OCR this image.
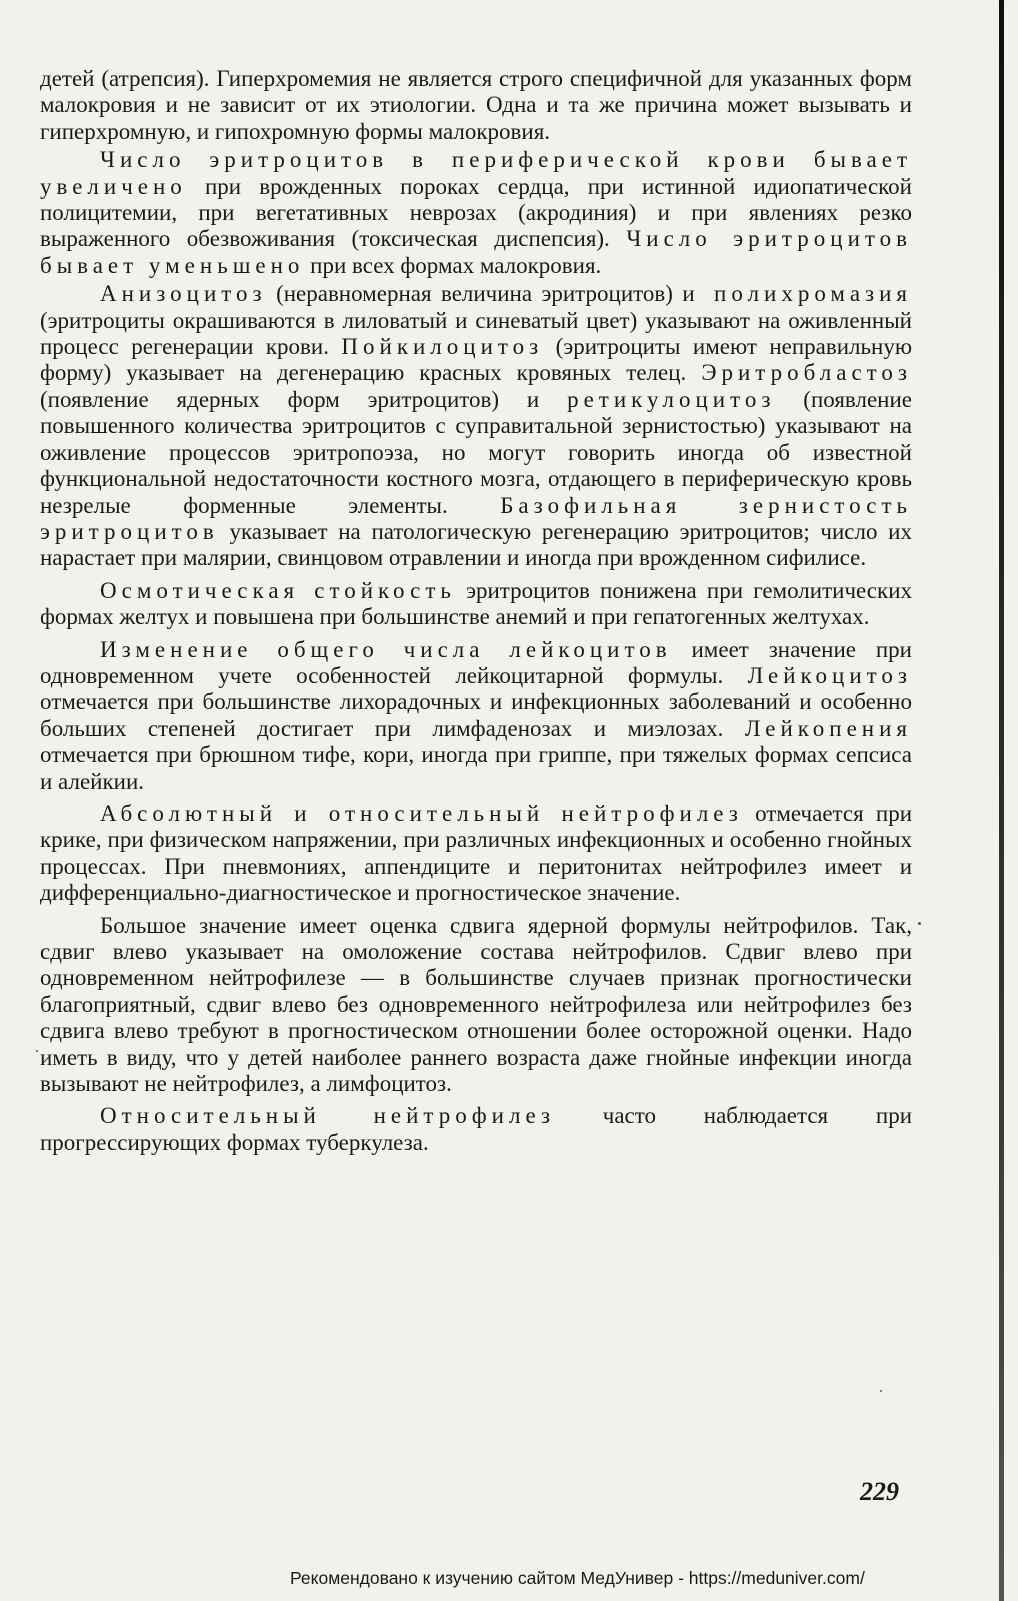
детей (атрепсия). Гиперхромемия не является строго специфичной для указанных форм малокровия и не зависит от их этиологии. Одна и та же причина может вызывать и гиперхромную, и гипохромную формы малокровия.

Число эритроцитов в периферической крови бывает увеличено при врожденных пороках сердца, при истинной идиопатической полицитемии, при вегетативных неврозах (акродиния) и при явлениях резко выраженного обезвоживания (токсическая диспепсия). Число эритроцитов бывает уменьшено при всех формах малокровия.

Анизоцитоз (неравномерная величина эритроцитов) и полихромазия (эритроциты окрашиваются в лиловатый и синеватый цвет) указывают на оживленный процесс регенерации крови. Пойкилоцитоз (эритроциты имеют неправильную форму) указывает на дегенерацию красных кровяных телец. Эритробластоз (появление ядерных форм эритроцитов) и ретикулоцитоз (появление повышенного количества эритроцитов с суправитальной зернистостью) указывают на оживление процессов эритропоэза, но могут говорить иногда об известной функциональной недостаточности костного мозга, отдающего в периферическую кровь незрелые форменные элементы. Базофильная зернистость эритроцитов указывает на патологическую регенерацию эритроцитов; число их нарастает при малярии, свинцовом отравлении и иногда при врожденном сифилисе.

Осмотическая стойкость эритроцитов понижена при гемолитических формах желтух и повышена при большинстве анемий и при гепатогенных желтухах.

Изменение общего числа лейкоцитов имеет значение при одновременном учете особенностей лейкоцитарной формулы. Лейкоцитоз отмечается при большинстве лихорадочных и инфекционных заболеваний и особенно больших степеней достигает при лимфаденозах и миэлозах. Лейкопения отмечается при брюшном тифе, кори, иногда при гриппе, при тяжелых формах сепсиса и алейкии.

Абсолютный и относительный нейтрофилез отмечается при крике, при физическом напряжении, при различных инфекционных и особенно гнойных процессах. При пневмониях, аппендиците и перитонитах нейтрофилез имеет и дифференциально-диагностическое и прогностическое значение.

Большое значение имеет оценка сдвига ядерной формулы нейтрофилов. Так, сдвиг влево указывает на омоложение состава нейтрофилов. Сдвиг влево при одновременном нейтрофилезе — в большинстве случаев признак прогностически благоприятный, сдвиг влево без одновременного нейтрофилеза или нейтрофилез без сдвига влево требуют в прогностическом отношении более осторожной оценки. Надо иметь в виду, что у детей наиболее раннего возраста даже гнойные инфекции иногда вызывают не нейтрофилез, а лимфоцитоз.

Относительный нейтрофилез часто наблюдается при прогрессирующих формах туберкулеза.

229
Рекомендовано к изучению сайтом МедУнивер - https://meduniver.com/
